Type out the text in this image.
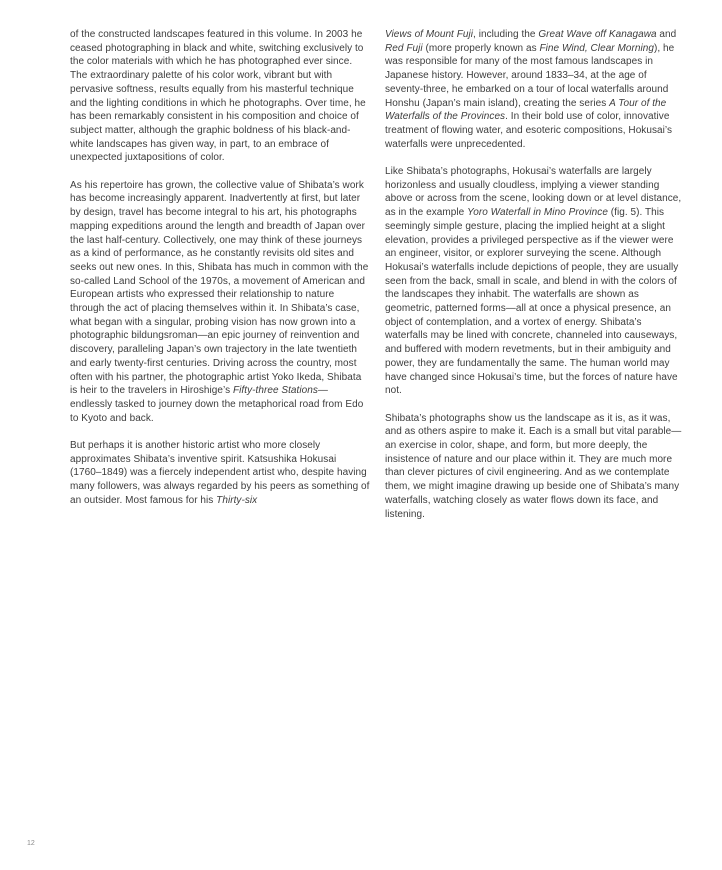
of the constructed landscapes featured in this volume. In 2003 he ceased photographing in black and white, switching exclusively to the color materials with which he has photographed ever since. The extraordinary palette of his color work, vibrant but with pervasive softness, results equally from his masterful technique and the lighting conditions in which he photographs. Over time, he has been remarkably consistent in his composition and choice of subject matter, although the graphic boldness of his black-and-white landscapes has given way, in part, to an embrace of unexpected juxtapositions of color.

As his repertoire has grown, the collective value of Shibata’s work has become increasingly apparent. Inadvertently at first, but later by design, travel has become integral to his art, his photographs mapping expeditions around the length and breadth of Japan over the last half-century. Collectively, one may think of these journeys as a kind of performance, as he constantly revisits old sites and seeks out new ones. In this, Shibata has much in common with the so-called Land School of the 1970s, a movement of American and European artists who expressed their relationship to nature through the act of placing themselves within it. In Shibata’s case, what began with a singular, probing vision has now grown into a photographic bildungsroman—an epic journey of reinvention and discovery, paralleling Japan’s own trajectory in the late twentieth and early twenty-first centuries. Driving across the country, most often with his partner, the photographic artist Yoko Ikeda, Shibata is heir to the travelers in Hiroshige’s Fifty-three Stations—endlessly tasked to journey down the metaphorical road from Edo to Kyoto and back.

But perhaps it is another historic artist who more closely approximates Shibata’s inventive spirit. Katsushika Hokusai (1760–1849) was a fiercely independent artist who, despite having many followers, was always regarded by his peers as something of an outsider. Most famous for his Thirty-six

Views of Mount Fuji, including the Great Wave off Kanagawa and Red Fuji (more properly known as Fine Wind, Clear Morning), he was responsible for many of the most famous landscapes in Japanese history. However, around 1833–34, at the age of seventy-three, he embarked on a tour of local waterfalls around Honshu (Japan’s main island), creating the series A Tour of the Waterfalls of the Provinces. In their bold use of color, innovative treatment of flowing water, and esoteric compositions, Hokusai’s waterfalls were unprecedented.

Like Shibata’s photographs, Hokusai’s waterfalls are largely horizonless and usually cloudless, implying a viewer standing above or across from the scene, looking down or at level distance, as in the example Yoro Waterfall in Mino Province (fig. 5). This seemingly simple gesture, placing the implied height at a slight elevation, provides a privileged perspective as if the viewer were an engineer, visitor, or explorer surveying the scene. Although Hokusai’s waterfalls include depictions of people, they are usually seen from the back, small in scale, and blend in with the colors of the landscapes they inhabit. The waterfalls are shown as geometric, patterned forms—all at once a physical presence, an object of contemplation, and a vortex of energy. Shibata’s waterfalls may be lined with concrete, channeled into causeways, and buffered with modern revetments, but in their ambiguity and power, they are fundamentally the same. The human world may have changed since Hokusai’s time, but the forces of nature have not.

Shibata’s photographs show us the landscape as it is, as it was, and as others aspire to make it. Each is a small but vital parable—an exercise in color, shape, and form, but more deeply, the insistence of nature and our place within it. They are much more than clever pictures of civil engineering. And as we contemplate them, we might imagine drawing up beside one of Shibata’s many waterfalls, watching closely as water flows down its face, and listening.

12
